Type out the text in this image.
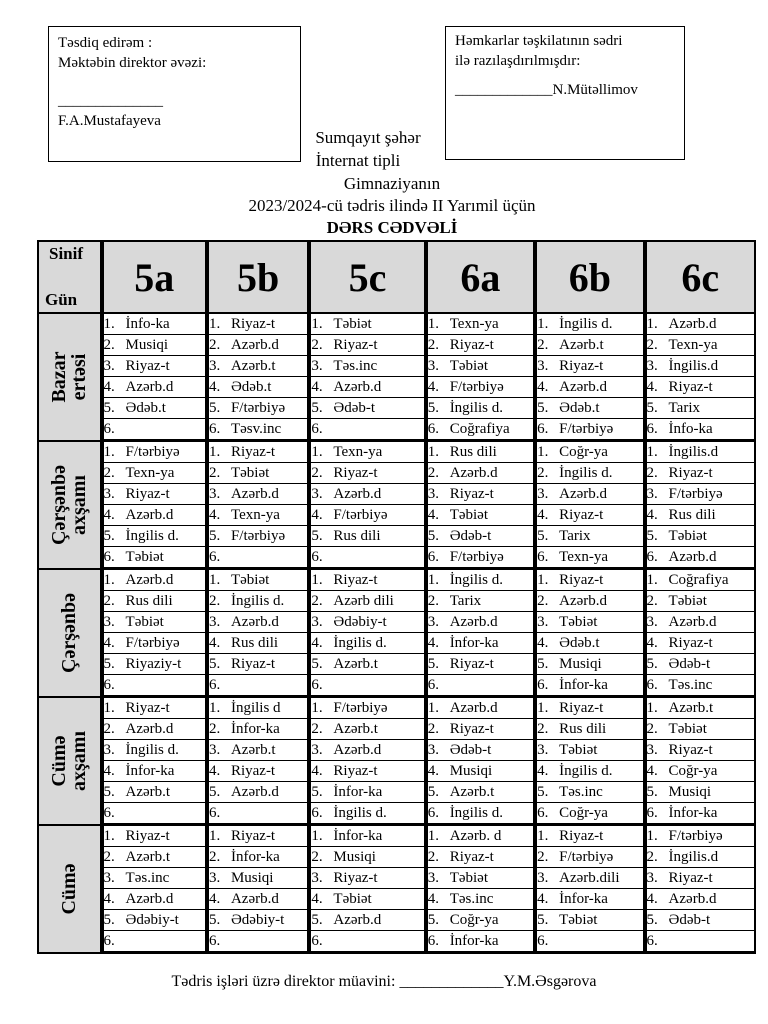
Təsdiq edirəm :
Məktəbin direktor əvəzi:
______________
F.A.Mustafayeva
Həmkarlar təşkilatının sədri
ilə razılaşdırılmışdır:
_____________N.Mütəllimov
Sumqayıt şəhər
İnternat tipli
Gimnaziyanın
2023/2024-cü tədris ilində II Yarımil üçün
DƏRS CƏDVƏLİ
Sinif
Gün	5a	5b	5c	6a	6b	6c

Bazar
ertəsi	1. İnfo-ka	1. Riyaz-t	1. Təbiət	1. Texn-ya	1. İngilis d.	1. Azərb.d
	2. Musiqi	2. Azərb.d	2. Riyaz-t	2. Riyaz-t	2. Azərb.t	2. Texn-ya
	3. Riyaz-t	3. Azərb.t	3. Təs.inc	3. Təbiət	3. Riyaz-t	3. İngilis.d
	4. Azərb.d	4. Ədəb.t	4. Azərb.d	4. F/tərbiyə	4. Azərb.d	4. Riyaz-t
	5. Ədəb.t	5. F/tərbiyə	5. Ədəb-t	5. İngilis d.	5. Ədəb.t	5. Tarix
	6.	6. Təsv.inc	6.	6. Coğrafiya	6. F/tərbiyə	6. İnfo-ka

Çərşənbə
axşamı	1. F/tərbiyə	1. Riyaz-t	1. Texn-ya	1. Rus dili	1. Coğr-ya	1. İngilis.d
	2. Texn-ya	2. Təbiət	2. Riyaz-t	2. Azərb.d	2. İngilis d.	2. Riyaz-t
	3. Riyaz-t	3. Azərb.d	3. Azərb.d	3. Riyaz-t	3. Azərb.d	3. F/tərbiyə
	4. Azərb.d	4. Texn-ya	4. F/tərbiyə	4. Təbiət	4. Riyaz-t	4. Rus dili
	5. İngilis d.	5. F/tərbiyə	5. Rus dili	5. Ədəb-t	5. Tarix	5. Təbiət
	6. Təbiət	6.	6.	6. F/tərbiyə	6. Texn-ya	6. Azərb.d

Çərşənbə	1. Azərb.d	1. Təbiət	1. Riyaz-t	1. İngilis d.	1. Riyaz-t	1. Coğrafiya
	2. Rus dili	2. İngilis d.	2. Azərb dili	2. Tarix	2. Azərb.d	2. Təbiət
	3. Təbiət	3. Azərb.d	3. Ədəbiy-t	3. Azərb.d	3. Təbiət	3. Azərb.d
	4. F/tərbiyə	4. Rus dili	4. İngilis d.	4. İnfor-ka	4. Ədəb.t	4. Riyaz-t
	5. Riyaziy-t	5. Riyaz-t	5. Azərb.t	5. Riyaz-t	5. Musiqi	5. Ədəb-t
	6.	6.	6.	6.	6. İnfor-ka	6. Təs.inc

Cümə
axşamı	1. Riyaz-t	1. İngilis d	1. F/tərbiyə	1. Azərb.d	1. Riyaz-t	1. Azərb.t
	2. Azərb.d	2. İnfor-ka	2. Azərb.t	2. Riyaz-t	2. Rus dili	2. Təbiət
	3. İngilis d.	3. Azərb.t	3. Azərb.d	3. Ədəb-t	3. Təbiət	3. Riyaz-t
	4. İnfor-ka	4. Riyaz-t	4. Riyaz-t	4. Musiqi	4. İngilis d.	4. Coğr-ya
	5. Azərb.t	5. Azərb.d	5. İnfor-ka	5. Azərb.t	5. Təs.inc	5. Musiqi
	6.	6.	6. İngilis d.	6. İngilis d.	6. Coğr-ya	6. İnfor-ka

Cümə	1. Riyaz-t	1. Riyaz-t	1. İnfor-ka	1. Azərb. d	1. Riyaz-t	1. F/tərbiyə
	2. Azərb.t	2. İnfor-ka	2. Musiqi	2. Riyaz-t	2. F/tərbiyə	2. İngilis.d
	3. Təs.inc	3. Musiqi	3. Riyaz-t	3. Təbiət	3. Azərb.dili	3. Riyaz-t
	4. Azərb.d	4. Azərb.d	4. Təbiət	4. Təs.inc	4. İnfor-ka	4. Azərb.d
	5. Ədəbiy-t	5. Ədəbiy-t	5. Azərb.d	5. Coğr-ya	5. Təbiət	5. Ədəb-t
	6.	6.	6.	6. İnfor-ka	6.	6.
Tədris işləri üzrə direktor müavini: _____________Y.M.Əsgərova
